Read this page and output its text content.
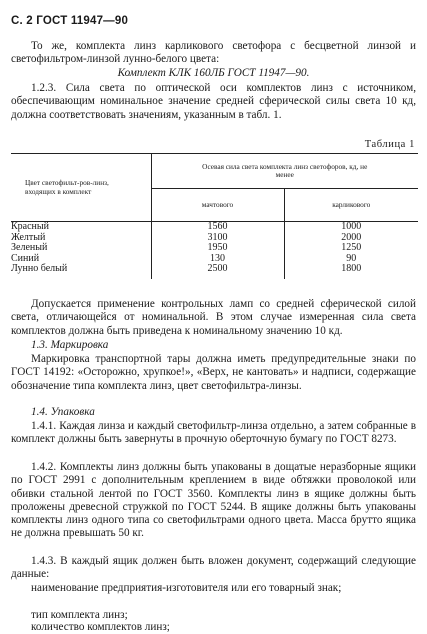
С. 2 ГОСТ 11947—90
То же, комплекта линз карликового светофора с бесцветной линзой и светофильтром-линзой лунно-белого цвета:
Комплект КЛК 160ЛБ ГОСТ 11947—90.
1.2.3. Сила света по оптической оси комплектов линз с источником, обеспечивающим номинальное значение средней сферической силы света 10 кд, должна соответствовать значениям, указанным в табл. 1.
Таблица 1
Цвет светофильт-ров-линз, входящих в комплект	Осевая сила света комплекта линз светофоров, кд, не менее	
	мачтового	карликового
Красный	1560	1000
Желтый	3100	2000
Зеленый	1950	1250
Синий	130	90
Лунно белый	2500	1800
Допускается применение контрольных ламп со средней сферической силой света, отличающейся от номинальной. В этом случае измеренная сила света комплектов должна быть приведена к номинальному значению 10 кд.
1.3. Маркировка
Маркировка транспортной тары должна иметь предупредительные знаки по ГОСТ 14192: «Осторожно, хрупкое!», «Верх, не кантовать» и надписи, содержащие обозначение типа комплекта линз, цвет светофильтра-линзы.
1.4. Упаковка
1.4.1. Каждая линза и каждый светофильтр-линза отдельно, а затем собранные в комплект должны быть завернуты в прочную оберточную бумагу по ГОСТ 8273.
1.4.2. Комплекты линз должны быть упакованы в дощатые неразборные ящики по ГОСТ 2991 с дополнительным креплением в виде обтяжки проволокой или обивки стальной лентой по ГОСТ 3560. Комплекты линз в ящике должны быть проложены древесной стружкой по ГОСТ 5244. В ящике должны быть упакованы комплекты линз одного типа со светофильтрами одного цвета. Масса брутто ящика не должна превышать 50 кг.
1.4.3. В каждый ящик должен быть вложен документ, содержащий следующие данные:
наименование предприятия-изготовителя или его товарный знак;
тип комплекта линз;
количество комплектов линз;
